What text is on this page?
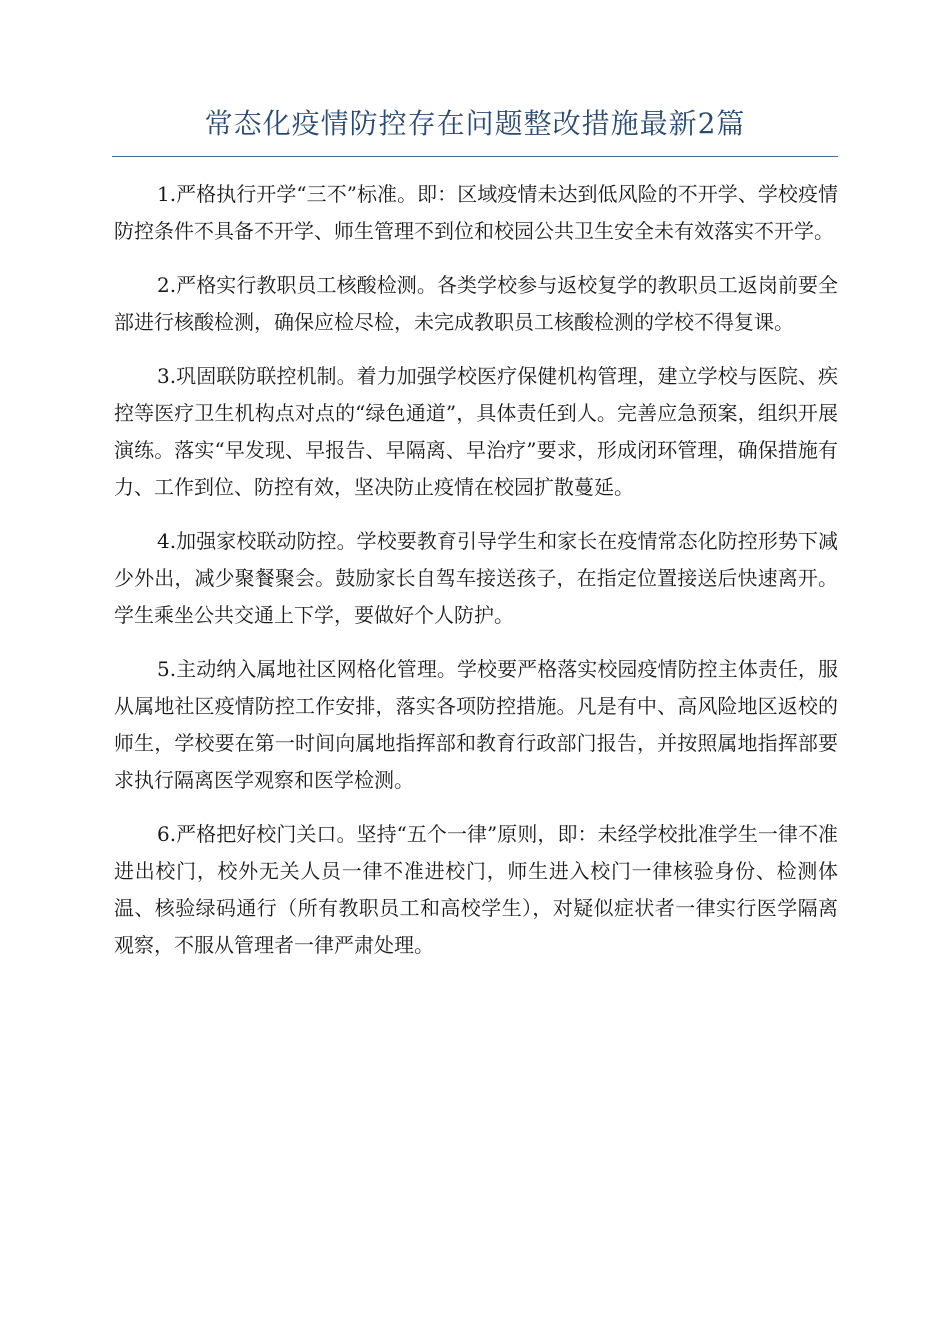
常态化疫情防控存在问题整改措施最新2篇

1.严格执行开学“三不”标准。即：区域疫情未达到低风险的不开学、学校疫情防控条件不具备不开学、师生管理不到位和校园公共卫生安全未有效落实不开学。

2.严格实行教职员工核酸检测。各类学校参与返校复学的教职员工返岗前要全部进行核酸检测，确保应检尽检，未完成教职员工核酸检测的学校不得复课。

3.巩固联防联控机制。着力加强学校医疗保健机构管理，建立学校与医院、疾控等医疗卫生机构点对点的“绿色通道”，具体责任到人。完善应急预案，组织开展演练。落实“早发现、早报告、早隔离、早治疗”要求，形成闭环管理，确保措施有力、工作到位、防控有效，坚决防止疫情在校园扩散蔓延。

4.加强家校联动防控。学校要教育引导学生和家长在疫情常态化防控形势下减少外出，减少聚餐聚会。鼓励家长自驾车接送孩子，在指定位置接送后快速离开。学生乘坐公共交通上下学，要做好个人防护。

5.主动纳入属地社区网格化管理。学校要严格落实校园疫情防控主体责任，服从属地社区疫情防控工作安排，落实各项防控措施。凡是有中、高风险地区返校的师生，学校要在第一时间向属地指挥部和教育行政部门报告，并按照属地指挥部要求执行隔离医学观察和医学检测。

6.严格把好校门关口。坚持“五个一律”原则，即：未经学校批准学生一律不准进出校门，校外无关人员一律不准进校门，师生进入校门一律核验身份、检测体温、核验绿码通行（所有教职员工和高校学生），对疑似症状者一律实行医学隔离观察，不服从管理者一律严肃处理。
